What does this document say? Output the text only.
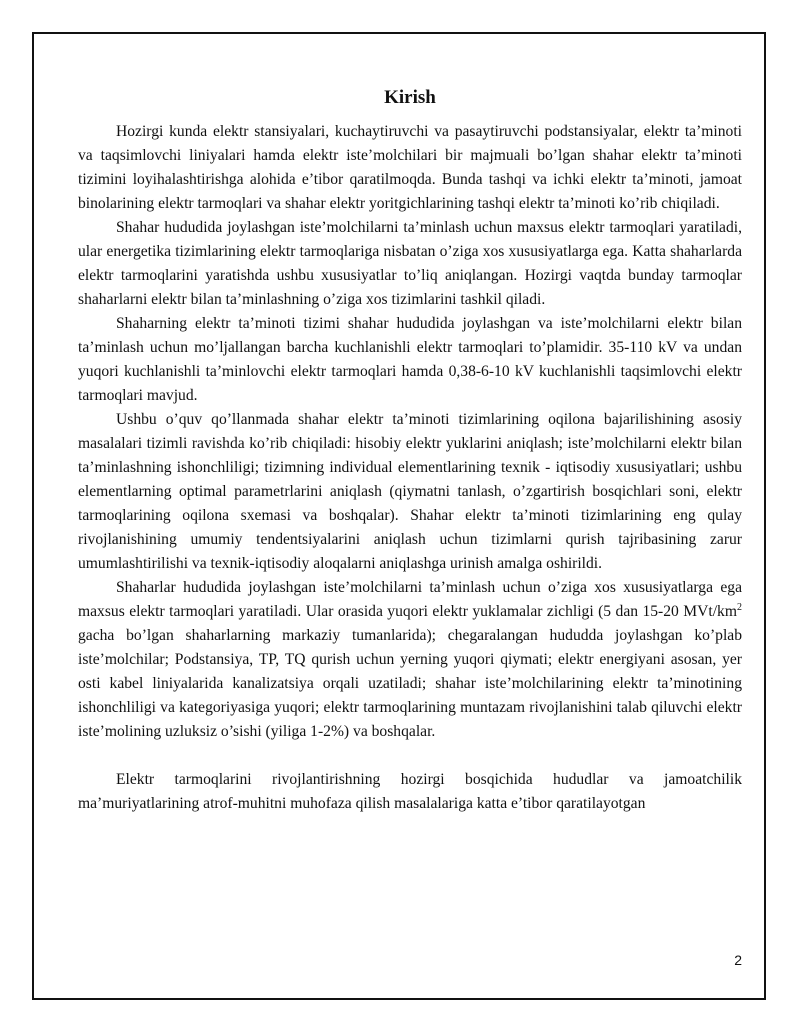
Kirish

Hozirgi kunda elektr stansiyalari, kuchaytiruvchi va pasaytiruvchi podstansiyalar, elektr ta’minoti va taqsimlovchi liniyalari hamda elektr iste’molchilari bir majmuali bo’lgan shahar elektr ta’minoti tizimini loyihalashtirishga alohida e’tibor qaratilmoqda. Bunda tashqi va ichki elektr ta’minoti, jamoat binolarining elektr tarmoqlari va shahar elektr yoritgichlarining tashqi elektr ta’minoti ko’rib chiqiladi.

Shahar hududida joylashgan iste’molchilarni ta’minlash uchun maxsus elektr tarmoqlari yaratiladi, ular energetika tizimlarining elektr tarmoqlariga nisbatan o’ziga xos xususiyatlarga ega. Katta shaharlarda elektr tarmoqlarini yaratishda ushbu xususiyatlar to’liq aniqlangan. Hozirgi vaqtda bunday tarmoqlar shaharlarni elektr bilan ta’minlashning o’ziga xos tizimlarini tashkil qiladi.

Shaharning elektr ta’minoti tizimi shahar hududida joylashgan va iste’molchilarni elektr bilan ta’minlash uchun mo’ljallangan barcha kuchlanishli elektr tarmoqlari to’plamidir. 35-110 kV va undan yuqori kuchlanishli ta’minlovchi elektr tarmoqlari hamda 0,38-6-10 kV kuchlanishli taqsimlovchi elektr tarmoqlari mavjud.

Ushbu o’quv qo’llanmada shahar elektr ta’minoti tizimlarining oqilona bajarilishining asosiy masalalari tizimli ravishda ko’rib chiqiladi: hisobiy elektr yuklarini aniqlash; iste’molchilarni elektr bilan ta’minlashning ishonchliligi; tizimning individual elementlarining texnik - iqtisodiy xususiyatlari; ushbu elementlarning optimal parametrlarini aniqlash (qiymatni tanlash, o’zgartirish bosqichlari soni, elektr tarmoqlarining oqilona sxemasi va boshqalar). Shahar elektr ta’minoti tizimlarining eng qulay rivojlanishining umumiy tendentsiyalarini aniqlash uchun tizimlarni qurish tajribasining zarur umumlashtirilishi va texnik-iqtisodiy aloqalarni aniqlashga urinish amalga oshirildi.

Shaharlar hududida joylashgan iste’molchilarni ta’minlash uchun o’ziga xos xususiyatlarga ega maxsus elektr tarmoqlari yaratiladi. Ular orasida yuqori elektr yuklamalar zichligi (5 dan 15-20 MVt/$km^2$ gacha bo’lgan shaharlarning markaziy tumanlarida); chegaralangan hududda joylashgan ko’plab iste’molchilar; Podstansiya, TP, TQ qurish uchun yerning yuqori qiymati; elektr energiyani asosan, yer osti kabel liniyalarida kanalizatsiya orqali uzatiladi; shahar iste’molchilarining elektr ta’minotining ishonchliligi va kategoriyasiga yuqori; elektr tarmoqlarining muntazam rivojlanishini talab qiluvchi elektr iste’molining uzluksiz o’sishi (yiliga 1-2%) va boshqalar.

Elektr tarmoqlarini rivojlantirishning hozirgi bosqichida hududlar va jamoatchilik ma’muriyatlarining atrof-muhitni muhofaza qilish masalalariga katta e’tibor qaratilayotgan

2
